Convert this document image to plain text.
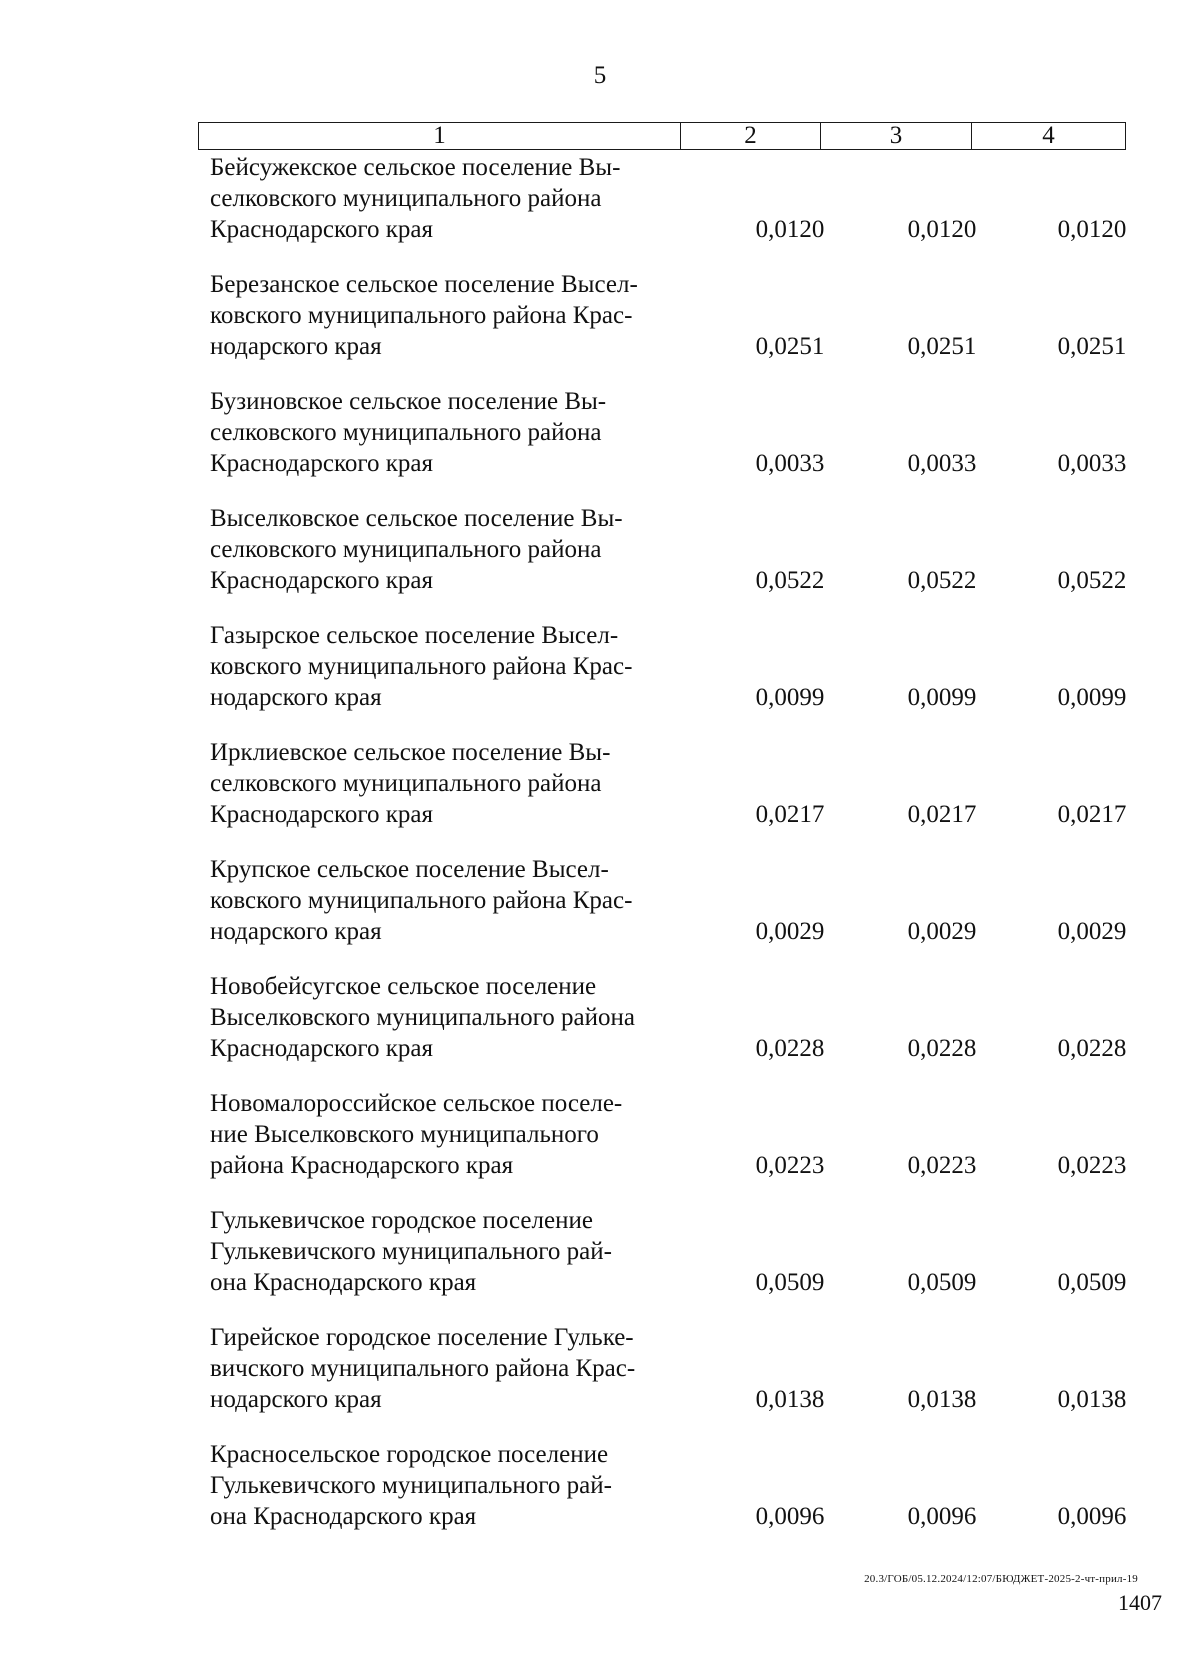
5
1	2	3	4
Бейсужекское сельское поселение Вы-
селковского муниципального района
Краснодарского края	0,0120	0,0120	0,0120
Березанское сельское поселение Высел-
ковского муниципального района Крас-
нодарского края	0,0251	0,0251	0,0251
Бузиновское сельское поселение Вы-
селковского муниципального района
Краснодарского края	0,0033	0,0033	0,0033
Выселковское сельское поселение Вы-
селковского муниципального района
Краснодарского края	0,0522	0,0522	0,0522
Газырское сельское поселение Высел-
ковского муниципального района Крас-
нодарского края	0,0099	0,0099	0,0099
Ирклиевское сельское поселение Вы-
селковского муниципального района
Краснодарского края	0,0217	0,0217	0,0217
Крупское сельское поселение Высел-
ковского муниципального района Крас-
нодарского края	0,0029	0,0029	0,0029
Новобейсугское сельское поселение
Выселковского муниципального района
Краснодарского края	0,0228	0,0228	0,0228
Новомалороссийское сельское поселе-
ние Выселковского муниципального
района Краснодарского края	0,0223	0,0223	0,0223
Гулькевичское городское поселение
Гулькевичского муниципального рай-
она Краснодарского края	0,0509	0,0509	0,0509
Гирейское городское поселение Гульке-
вичского муниципального района Крас-
нодарского края	0,0138	0,0138	0,0138
Красносельское городское поселение
Гулькевичского муниципального рай-
она Краснодарского края	0,0096	0,0096	0,0096
20.3/ГОБ/05.12.2024/12:07/БЮДЖЕТ-2025-2-чт-прил-19
1407
